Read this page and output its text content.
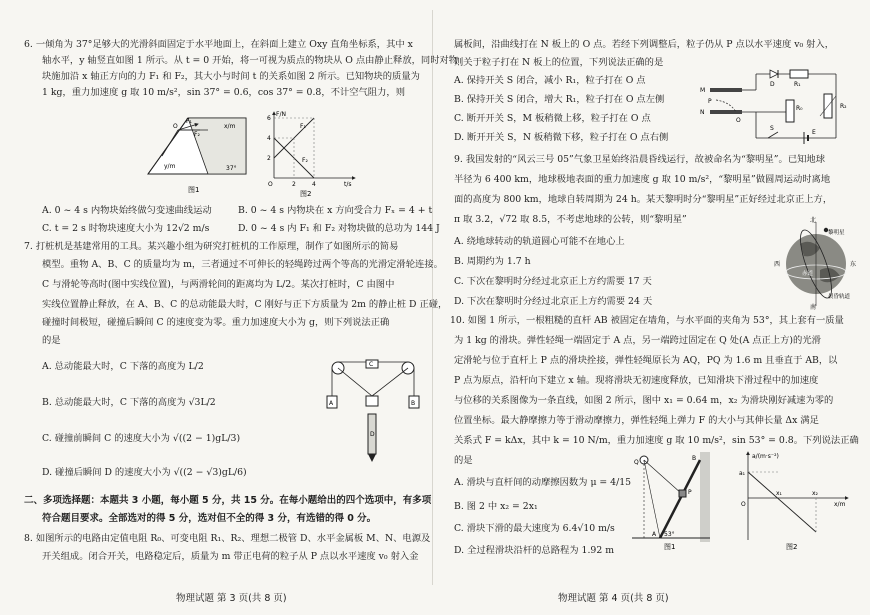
6. 一倾角为 37°足够大的光滑斜面固定于水平地面上，在斜面上建立 Oxy 直角坐标系，其中 x
轴水平，y 轴竖直如图 1 所示。从 t = 0 开始，将一可视为质点的物块从 O 点由静止释放，同时对物
块施加沿 x 轴正方向的力 F₁ 和 F₂，其大小与时间 t 的关系如图 2 所示。已知物块的质量为
1 kg，重力加速度 g 取 10 m/s²，sin 37° = 0.6，cos 37° = 0.8，不计空气阻力，则
F₁
F₂
O
y/m
x/m
37°
图1
F/N
t/s
F₁
F₂
O
6
4
2
2	4
图2
A. 0 ~ 4 s 内物块始终做匀变速曲线运动	B. 0 ~ 4 s 内物块在 x 方向受合力 Fₓ = 4 + t
C. t = 2 s 时物块速度大小为 12√2 m/s	D. 0 ~ 4 s 内 F₁ 和 F₂ 对物块做的总功为 144 J
7. 打桩机是基建常用的工具。某兴趣小组为研究打桩机的工作原理，制作了如图所示的简易
模型。重物 A、B、C 的质量均为 m，三者通过不可伸长的轻绳跨过两个等高的光滑定滑轮连接。
C 与滑轮等高时(图中实线位置)，与两滑轮间的距离均为 L/2。某次打桩时，C 由图中
实线位置静止释放，在 A、B、C 的总动能最大时，C 刚好与正下方质量为 2m 的静止桩 D 正碰，
碰撞时间极短，碰撞后瞬间 C 的速度变为零。重力加速度大小为 g，则下列说法正确
的是
A. 总动能最大时，C 下落的高度为 L/2
B. 总动能最大时，C 下落的高度为 √3L/2
C. 碰撞前瞬间 C 的速度大小为 √((2 − 1)gL/3)
D. 碰撞后瞬间 D 的速度大小为 √((2 − √3)gL/6)
A	B
C
D
二、多项选择题：本题共 3 小题，每小题 5 分，共 15 分。在每小题给出的四个选项中，有多项
符合题目要求。全部选对的得 5 分，选对但不全的得 3 分，有选错的得 0 分。
8. 如图所示的电路由定值电阻 R₀、可变电阻 R₁、R₂、理想二极管 D、水平金属板 M、N、电源及
开关组成。闭合开关，电路稳定后，质量为 m 带正电荷的粒子从 P 点以水平速度 v₀ 射入金
物理试题 第 3 页(共 8 页)
属板间，沿曲线打在 N 板上的 O 点。若经下列调整后，粒子仍从 P 点以水平速度 v₀ 射入，
则关于粒子打在 N 板上的位置，下列说法正确的是
A. 保持开关 S 闭合，减小 R₁，粒子打在 O 点
B. 保持开关 S 闭合，增大 R₁，粒子打在 O 点左侧
C. 断开开关 S，M 板稍微上移，粒子打在 O 点
D. 断开开关 S，N 板稍微下移，粒子打在 O 点右侧
M
N
P
O
D	R₁
R₀	R₂
S
E
9. 我国发射的“风云三号 05”气象卫星始终沿晨昏线运行，故被命名为“黎明星”。已知地球
半径为 6 400 km，地球极地表面的重力加速度 g 取 10 m/s²，“黎明星”做圆周运动时离地
面的高度为 800 km，地球自转周期为 24 h。某天黎明时分“黎明星”正好经过北京正上方，
π 取 3.2，√72 取 8.5，不考虑地球的公转，则“黎明星”
A. 绕地球转动的轨道圆心可能不在地心上
B. 周期约为 1.7 h
C. 下次在黎明时分经过北京正上方约需要 17 天
D. 下次在黎明时分经过北京正上方约需要 24 天
北
南
西	东
黎明星
赤道
晨昏轨道
10. 如图 1 所示，一根粗糙的直杆 AB 被固定在墙角，与水平面的夹角为 53°，其上套有一质量
为 1 kg 的滑块。弹性轻绳一端固定于 A 点，另一端跨过固定在 Q 处(A 点正上方)的光滑
定滑轮与位于直杆上 P 点的滑块拴接，弹性轻绳原长为 AQ，PQ 为 1.6 m 且垂直于 AB，以
P 点为原点，沿杆向下建立 x 轴。现将滑块无初速度释放，已知滑块下滑过程中的加速度
与位移的关系图像为一条直线，如图 2 所示，图中 x₁ = 0.64 m，x₂ 为滑块刚好减速为零的
位置坐标。最大静摩擦力等于滑动摩擦力，弹性轻绳上弹力 F 的大小与其伸长量 Δx 满足
关系式 F = kΔx，其中 k = 10 N/m，重力加速度 g 取 10 m/s²，sin 53° = 0.8。下列说法正确
的是
A. 滑块与直杆间的动摩擦因数为 μ = 4/15
B. 图 2 中 x₂ = 2x₁
C. 滑块下滑的最大速度为 6.4√10 m/s
D. 全过程滑块沿杆的总路程为 1.92 m
Q
P
A
B
53°
图1
a/(m·s⁻²)
x/m
O
a₁
x₁	x₂
图2
物理试题 第 4 页(共 8 页)
